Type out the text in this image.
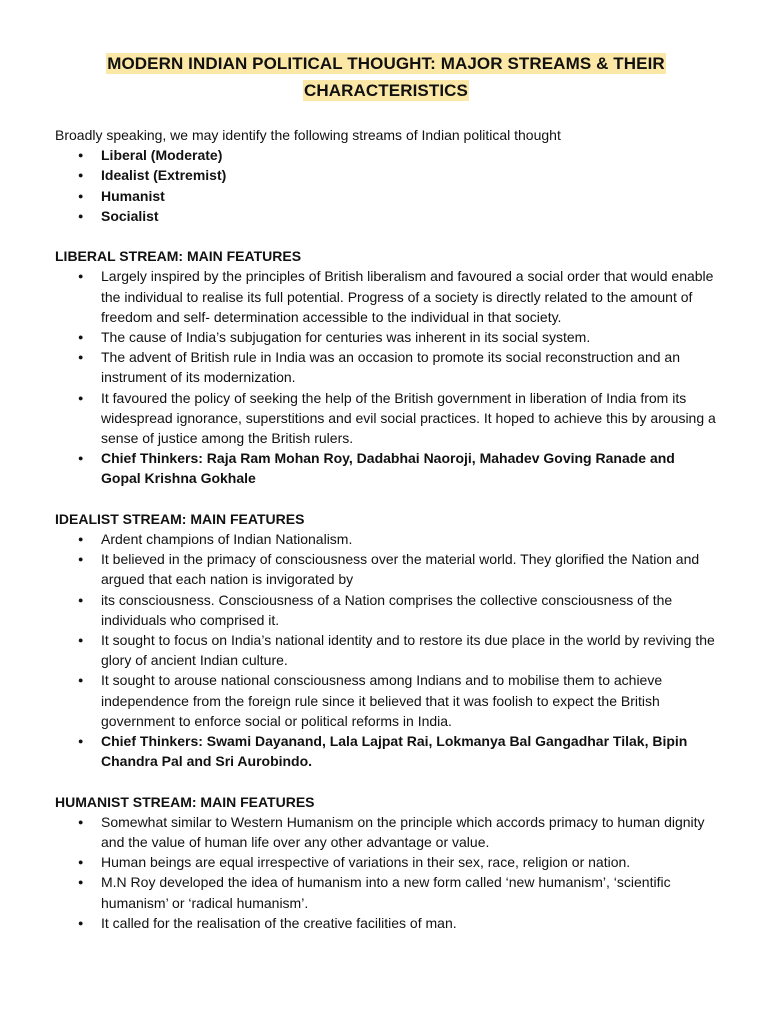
MODERN INDIAN POLITICAL THOUGHT: MAJOR STREAMS & THEIR
CHARACTERISTICS

Broadly speaking, we may identify the following streams of Indian political thought

● Liberal (Moderate)
● Idealist (Extremist)
● Humanist
● Socialist
LIBERAL STREAM: MAIN FEATURES
● Largely inspired by the principles of British liberalism and favoured a social order that would enable the individual to realise its full potential. Progress of a society is directly related to the amount of freedom and self- determination accessible to the individual in that society.
● The cause of India’s subjugation for centuries was inherent in its social system.
● The advent of British rule in India was an occasion to promote its social reconstruction and an instrument of its modernization.
● It favoured the policy of seeking the help of the British government in liberation of India from its widespread ignorance, superstitions and evil social practices. It hoped to achieve this by arousing a sense of justice among the British rulers.
● Chief Thinkers: Raja Ram Mohan Roy, Dadabhai Naoroji, Mahadev Goving Ranade and Gopal Krishna Gokhale
IDEALIST STREAM: MAIN FEATURES
● Ardent champions of Indian Nationalism.
● It believed in the primacy of consciousness over the material world. They glorified the Nation and argued that each nation is invigorated by
● its consciousness. Consciousness of a Nation comprises the collective consciousness of the individuals who comprised it.
● It sought to focus on India’s national identity and to restore its due place in the world by reviving the glory of ancient Indian culture.
● It sought to arouse national consciousness among Indians and to mobilise them to achieve independence from the foreign rule since it believed that it was foolish to expect the British government to enforce social or political reforms in India.
● Chief Thinkers: Swami Dayanand, Lala Lajpat Rai, Lokmanya Bal Gangadhar Tilak, Bipin Chandra Pal and Sri Aurobindo.
HUMANIST STREAM: MAIN FEATURES
● Somewhat similar to Western Humanism on the principle which accords primacy to human dignity and the value of human life over any other advantage or value.
● Human beings are equal irrespective of variations in their sex, race, religion or nation.
● M.N Roy developed the idea of humanism into a new form called ‘new humanism’, ‘scientific humanism’ or ‘radical humanism’.
● It called for the realisation of the creative facilities of man.
